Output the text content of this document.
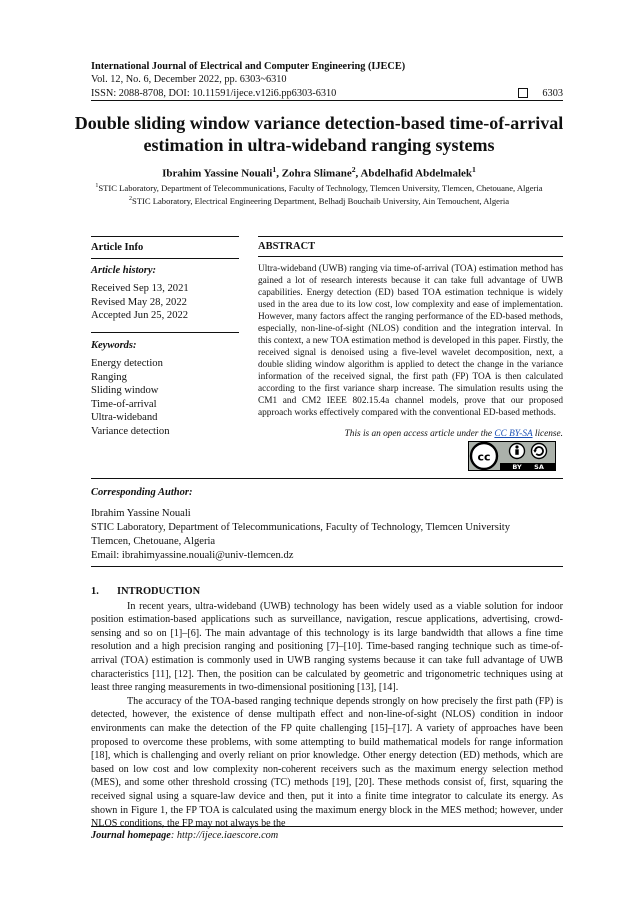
International Journal of Electrical and Computer Engineering (IJECE)
Vol. 12, No. 6, December 2022, pp. 6303~6310
ISSN: 2088-8708, DOI: 10.11591/ijece.v12i6.pp6303-6310	6303
Double sliding window variance detection-based time-of-arrival
estimation in ultra-wideband ranging systems
Ibrahim Yassine Nouali$^1$, Zohra Slimane$^2$, Abdelhafid Abdelmalek$^1$
$^1$STIC Laboratory, Department of Telecommunications, Faculty of Technology, Tlemcen University, Tlemcen, Chetouane, Algeria
$^2$STIC Laboratory, Electrical Engineering Department, Belhadj Bouchaib University, Ain Temouchent, Algeria
Article Info
Article history:
Received Sep 13, 2021
Revised May 28, 2022
Accepted Jun 25, 2022
Keywords:
Energy detection
Ranging
Sliding window
Time-of-arrival
Ultra-wideband
Variance detection
ABSTRACT

Ultra-wideband (UWB) ranging via time-of-arrival (TOA) estimation method has gained a lot of research interests because it can take full advantage of UWB capabilities. Energy detection (ED) based TOA estimation technique is widely used in the area due to its low cost, low complexity and ease of implementation. However, many factors affect the ranging performance of the ED-based methods, especially, non-line-of-sight (NLOS) condition and the integration interval. In this context, a new TOA estimation method is developed in this paper. Firstly, the received signal is denoised using a five-level wavelet decomposition, next, a double sliding window algorithm is applied to detect the change in the variance information of the received signal, the first path (FP) TOA is then calculated according to the first variance sharp increase. The simulation results using the CM1 and CM2 IEEE 802.15.4a channel models, prove that our proposed approach works effectively compared with the conventional ED-based methods.

This is an open access article under the CC BY-SA license.
cc
BY SA
Corresponding Author:
Ibrahim Yassine Nouali
STIC Laboratory, Department of Telecommunications, Faculty of Technology, Tlemcen University
Tlemcen, Chetouane, Algeria
Email: ibrahimyassine.nouali@univ-tlemcen.dz
1.       INTRODUCTION

In recent years, ultra-wideband (UWB) technology has been widely used as a viable solution for indoor position estimation-based applications such as surveillance, navigation, rescue applications, advertising, crowd-sensing and so on [1]–[6]. The main advantage of this technology is its large bandwidth that allows a fine time resolution and a high precision ranging and positioning [7]–[10]. Time-based ranging technique such as time-of-arrival (TOA) estimation is commonly used in UWB ranging systems because it can take full advantage of UWB characteristics [11], [12]. Then, the position can be calculated by geometric and trigonometric techniques using at least three ranging measurements in two-dimensional positioning [13], [14].

The accuracy of the TOA-based ranging technique depends strongly on how precisely the first path (FP) is detected, however, the existence of dense multipath effect and non-line-of-sight (NLOS) condition in indoor environments can make the detection of the FP quite challenging [15]–[17]. A variety of approaches have been proposed to overcome these problems, with some attempting to build mathematical models for range information [18], which is challenging and overly reliant on prior knowledge. Other energy detection (ED) methods, which are based on low cost and low complexity non-coherent receivers such as the maximum energy selection method (MES), and some other threshold crossing (TC) methods [19], [20]. These methods consist of, first, squaring the received signal using a square-law device and then, put it into a finite time integrator to calculate its energy. As shown in Figure 1, the FP TOA is calculated using the maximum energy block in the MES method; however, under NLOS conditions, the FP may not always be the

Journal homepage: http://ijece.iaescore.com
